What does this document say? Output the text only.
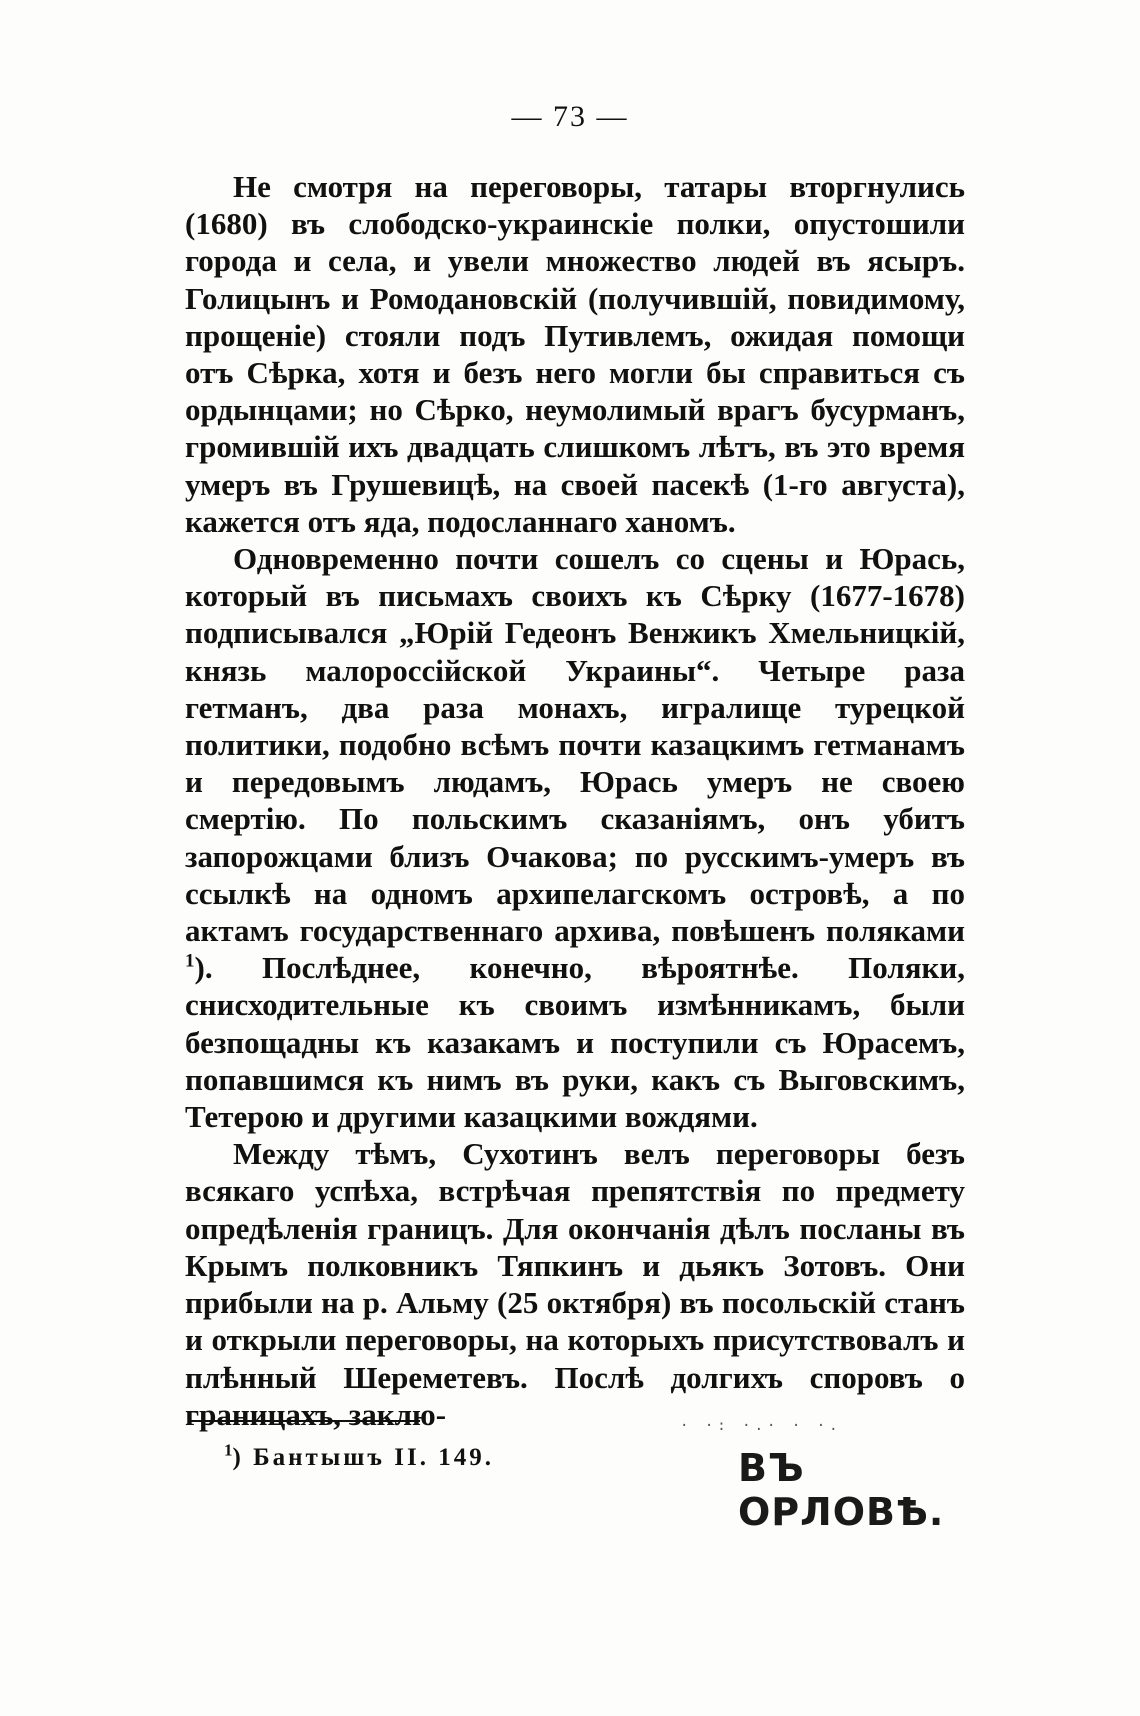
— 73 —

Не смотря на переговоры, татары вторгнулись (1680) въ слободско-украинскіе полки, опустошили города и села, и увели множество людей въ ясыръ. Голицынъ и Ромодановскій (получившій, повидимому, прощеніе) стояли подъ Путивлемъ, ожидая помощи отъ Сѣрка, хотя и безъ него могли бы справиться съ ордынцами; но Сѣрко, неумолимый врагъ бусурманъ, громившій ихъ двадцать слишкомъ лѣтъ, въ это время умеръ въ Грушевицѣ, на своей пасекѣ (1-го августа), кажется отъ яда, подосланнаго ханомъ.

Одновременно почти сошелъ со сцены и Юрась, который въ письмахъ своихъ къ Сѣрку (1677-1678) подписывался „Юрій Гедеонъ Венжикъ Хмельницкій, князь малороссійской Украины“. Четыре раза гетманъ, два раза монахъ, игралище турецкой политики, подобно всѣмъ почти казацкимъ гетманамъ и передовымъ людамъ, Юрась умеръ не своею смертію. По польскимъ сказаніямъ, онъ убитъ запорожцами близъ Очакова; по русскимъ-умеръ въ ссылкѣ на одномъ архипелагскомъ островѣ, а по актамъ государственнаго архива, повѣшенъ поляками $^1$). Послѣднее, конечно, вѣроятнѣе. Поляки, снисходительные къ своимъ измѣнникамъ, были безпощадны къ казакамъ и поступили съ Юрасемъ, попавшимся къ нимъ въ руки, какъ съ Выговскимъ, Тетерою и другими казацкими вождями.

Между тѣмъ, Сухотинъ велъ переговоры безъ всякаго успѣха, встрѣчая препятствія по предмету опредѣленія границъ. Для окончанія дѣлъ посланы въ Крымъ полковникъ Тяпкинъ и дьякъ Зотовъ. Они прибыли на р. Альму (25 октября) въ посольскій станъ и открыли переговоры, на которыхъ присутствовалъ и плѣнный Шереметевъ. Послѣ долгихъ споровъ о границахъ, заклю-

$^1$) Бантышъ II. 149.
· ·: ·.· · ·.
ВЪ ОРЛОВѢ.
